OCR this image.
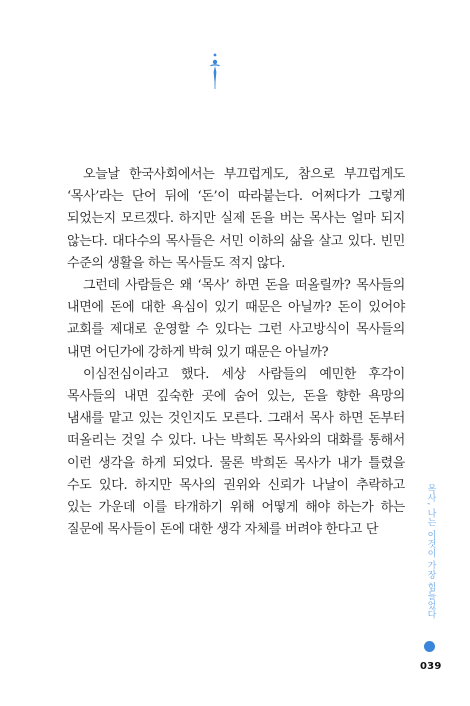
오늘날 한국사회에서는 부끄럽게도, 참으로 부끄럽게도 ‘목사’라는 단어 뒤에 ‘돈’이 따라붙는다. 어쩌다가 그렇게 되었는지 모르겠다. 하지만 실제 돈을 버는 목사는 얼마 되지 않는다. 대다수의 목사들은 서민 이하의 삶을 살고 있다. 빈민 수준의 생활을 하는 목사들도 적지 않다.

그런데 사람들은 왜 ‘목사’ 하면 돈을 떠올릴까? 목사들의 내면에 돈에 대한 욕심이 있기 때문은 아닐까? 돈이 있어야 교회를 제대로 운영할 수 있다는 그런 사고방식이 목사들의 내면 어딘가에 강하게 박혀 있기 때문은 아닐까?

이심전심이라고 했다. 세상 사람들의 예민한 후각이 목사들의 내면 깊숙한 곳에 숨어 있는, 돈을 향한 욕망의 냄새를 맡고 있는 것인지도 모른다. 그래서 목사 하면 돈부터 떠올리는 것일 수 있다. 나는 박희돈 목사와의 대화를 통해서 이런 생각을 하게 되었다. 물론 박희돈 목사가 내가 틀렸을 수도 있다. 하지만 목사의 권위와 신뢰가 나날이 추락하고 있는 가운데 이를 타개하기 위해 어떻게 해야 하는가 하는 질문에 목사들이 돈에 대한 생각 자체를 버려야 한다고 단	목사, 나는 이것이 가장 힘들었다
039
